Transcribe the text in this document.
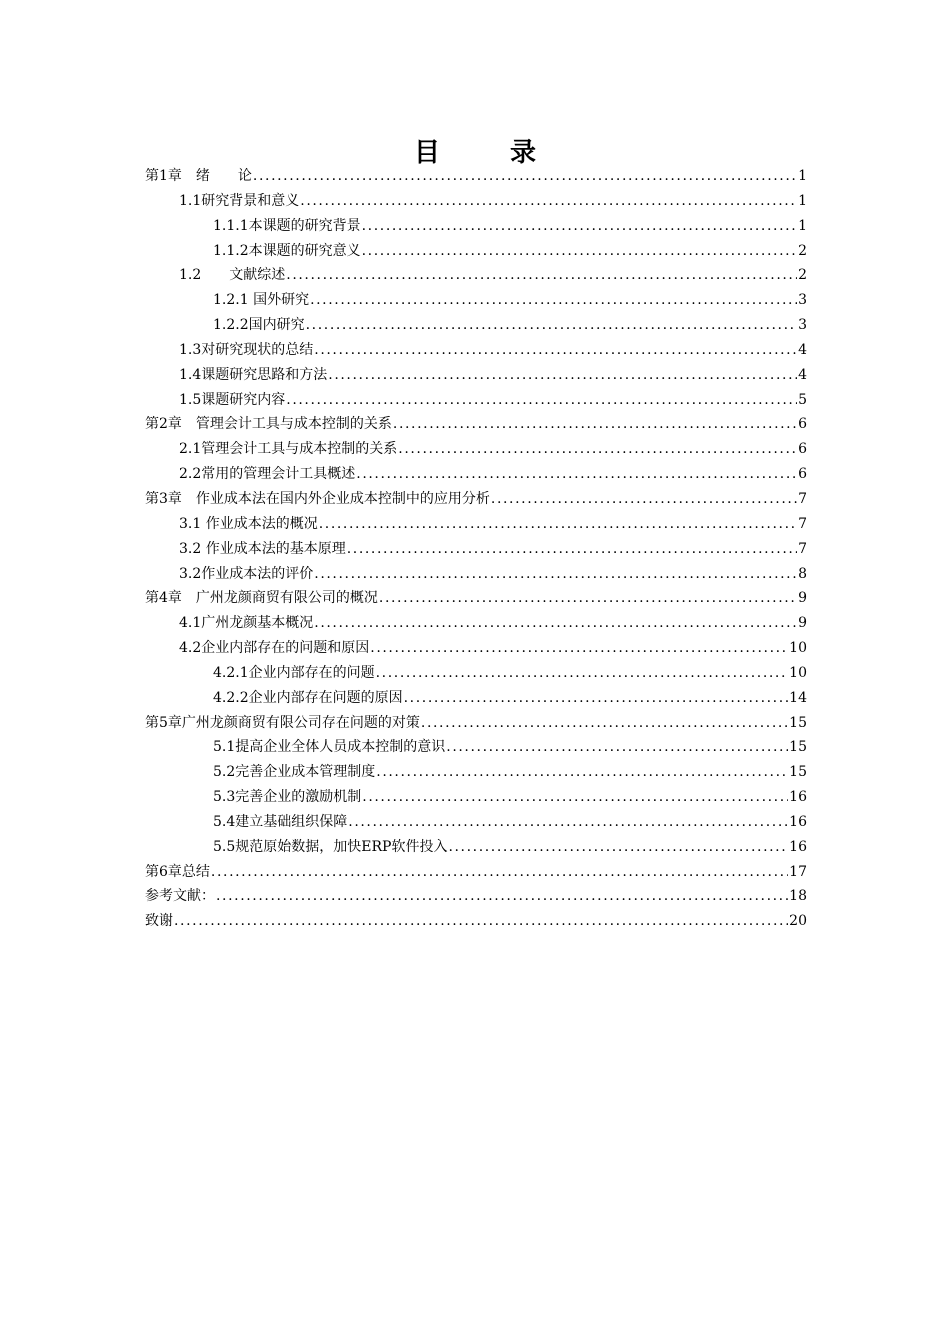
目　录
第1章　绪　　论 .....	1
1.1研究背景和意义 .....	1
1.1.1本课题的研究背景 .....	1
1.1.2本课题的研究意义 .....	2
1.2　　文献综述 .....	2
1.2.1 国外研究 .....	3
1.2.2国内研究 .....	3
1.3对研究现状的总结 .....	4
1.4课题研究思路和方法 .....	4
1.5课题研究内容 .....	5
第2章　管理会计工具与成本控制的关系 .....	6
2.1管理会计工具与成本控制的关系 .....	6
2.2常用的管理会计工具概述 .....	6
第3章　作业成本法在国内外企业成本控制中的应用分析 .....	7
3.1 作业成本法的概况 .....	7
3.2 作业成本法的基本原理 .....	7
3.2作业成本法的评价 .....	8
第4章　广州龙颜商贸有限公司的概况 .....	9
4.1广州龙颜基本概况 .....	9
4.2企业内部存在的问题和原因 .....	10
4.2.1企业内部存在的问题 .....	10
4.2.2企业内部存在问题的原因 .....	14
第5章广州龙颜商贸有限公司存在问题的对策 .....	15
5.1提高企业全体人员成本控制的意识 .....	15
5.2完善企业成本管理制度 .....	15
5.3完善企业的激励机制 .....	16
5.4建立基础组织保障 .....	16
5.5规范原始数据，加快ERP软件投入 .....	16
第6章总结 .....	17
参考文献： .....	18
致谢 .....	20
